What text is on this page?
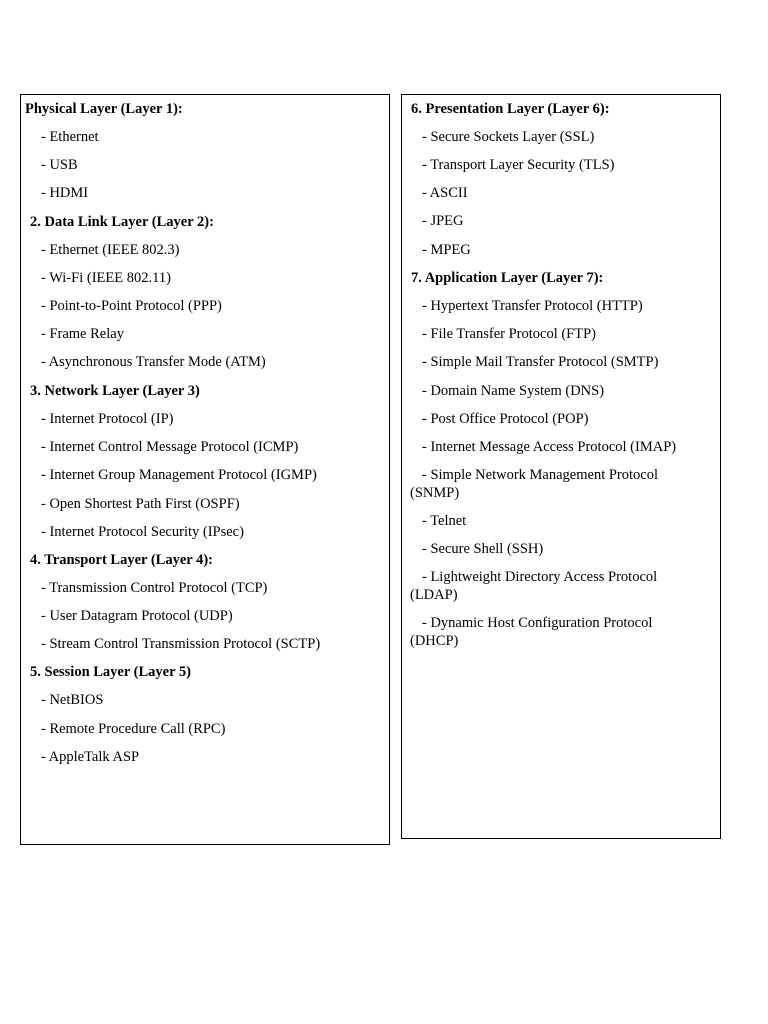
Physical Layer (Layer 1):
- Ethernet
- USB
- HDMI
2. Data Link Layer (Layer 2):
- Ethernet (IEEE 802.3)
- Wi-Fi (IEEE 802.11)
- Point-to-Point Protocol (PPP)
- Frame Relay
- Asynchronous Transfer Mode (ATM)
3. Network Layer (Layer 3)
- Internet Protocol (IP)
- Internet Control Message Protocol (ICMP)
- Internet Group Management Protocol (IGMP)
- Open Shortest Path First (OSPF)
- Internet Protocol Security (IPsec)
4. Transport Layer (Layer 4):
- Transmission Control Protocol (TCP)
- User Datagram Protocol (UDP)
- Stream Control Transmission Protocol (SCTP)
5. Session Layer (Layer 5)
- NetBIOS
- Remote Procedure Call (RPC)
- AppleTalk ASP
6. Presentation Layer (Layer 6):
- Secure Sockets Layer (SSL)
- Transport Layer Security (TLS)
- ASCII
- JPEG
- MPEG
7. Application Layer (Layer 7):
- Hypertext Transfer Protocol (HTTP)
- File Transfer Protocol (FTP)
- Simple Mail Transfer Protocol (SMTP)
- Domain Name System (DNS)
- Post Office Protocol (POP)
- Internet Message Access Protocol (IMAP)
- Simple Network Management Protocol (SNMP)
- Telnet
- Secure Shell (SSH)
- Lightweight Directory Access Protocol (LDAP)
- Dynamic Host Configuration Protocol (DHCP)
